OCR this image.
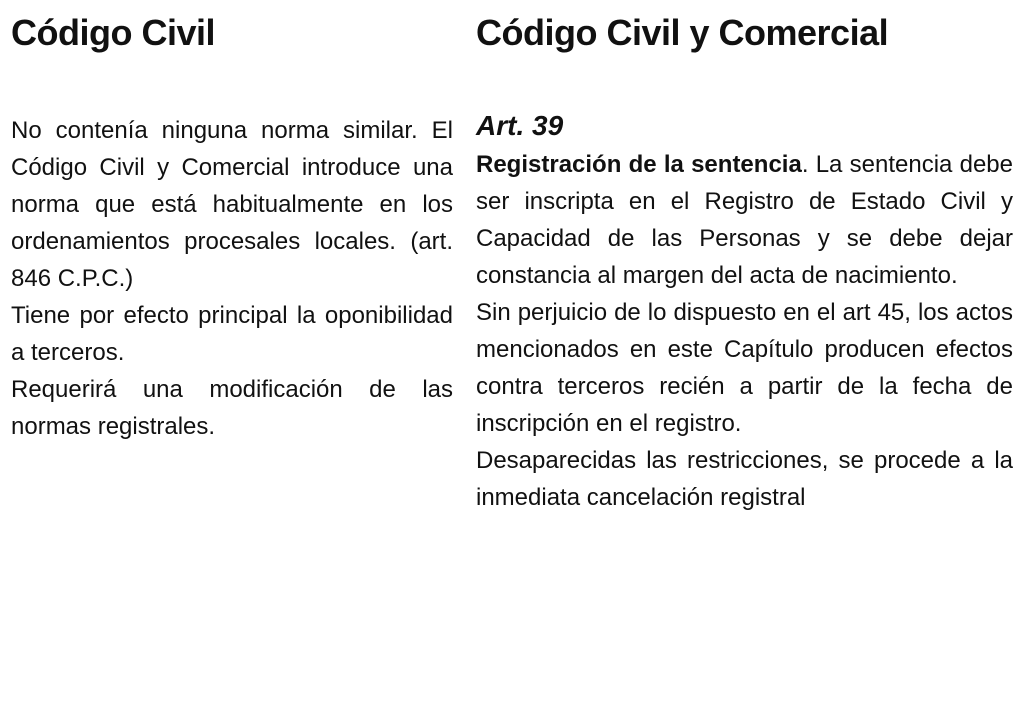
Código Civil

No contenía ninguna norma similar. El Código Civil y Comercial introduce una norma que está habitualmente en los ordenamientos procesales locales. (art. 846 C.P.C.)

Tiene por efecto principal la oponibilidad a terceros.

Requerirá una modificación de las normas registrales.

Código Civil y Comercial
Art. 39

Registración de la sentencia. La sentencia debe ser inscripta en el Registro de Estado Civil y Capacidad de las Personas y se debe dejar constancia al margen del acta de nacimiento.

Sin perjuicio de lo dispuesto en el art 45, los actos mencionados en este Capítulo producen efectos contra terceros recién a partir de la fecha de inscripción en el registro.

Desaparecidas las restricciones, se procede a la inmediata cancelación registral
